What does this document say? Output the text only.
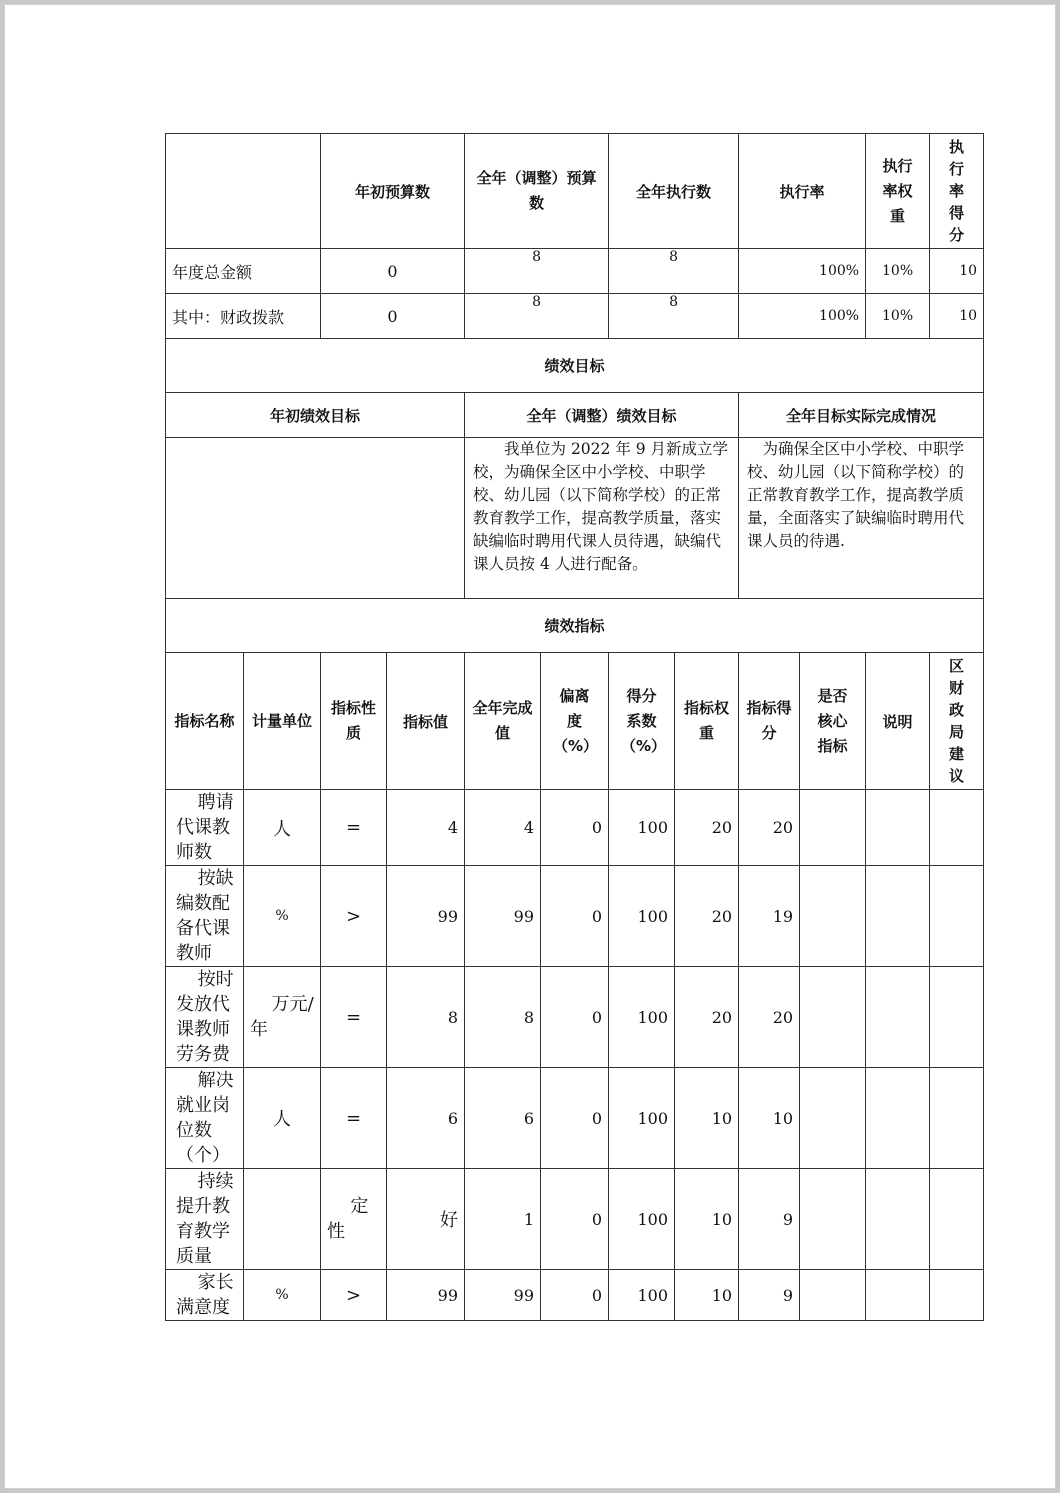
		年初预算数		全年（调整）预算数		全年执行数		执行率		执行率权重	执行率得分
年度总金额		0		8		8		100%		10%	10
其中：财政拨款		0		8		8		100%		10%	10
绩效目标											
年初绩效目标				全年（调整）绩效目标				全年目标实际完成情况			
				我单位为 2022 年 9 月新成立学校，为确保全区中小学校、中职学校、幼儿园（以下简称学校）的正常教育教学工作，提高教学质量，落实缺编临时聘用代课人员待遇，缺编代课人员按 4 人进行配备。				为确保全区中小学校、中职学校、幼儿园（以下简称学校）的正常教育教学工作，提高教学质量，全面落实了缺编临时聘用代课人员的待遇.			
绩效指标											
指标名称	计量单位	指标性质	指标值	全年完成值	偏离度（%）	得分系数（%）	指标权重	指标得分	是否核心指标	说明	区财政局建议
聘请代课教师数	人	=	4	4	0	100	20	20			
按缺编数配备代课教师	%	>	99	99	0	100	20	19			
按时发放代课教师劳务费	万元/年	=	8	8	0	100	20	20			
解决就业岗位数（个）	人	=	6	6	0	100	10	10			
持续提升教育教学质量		定性	好	1	0	100	10	9			
家长满意度	%	>	99	99	0	100	10	9			
